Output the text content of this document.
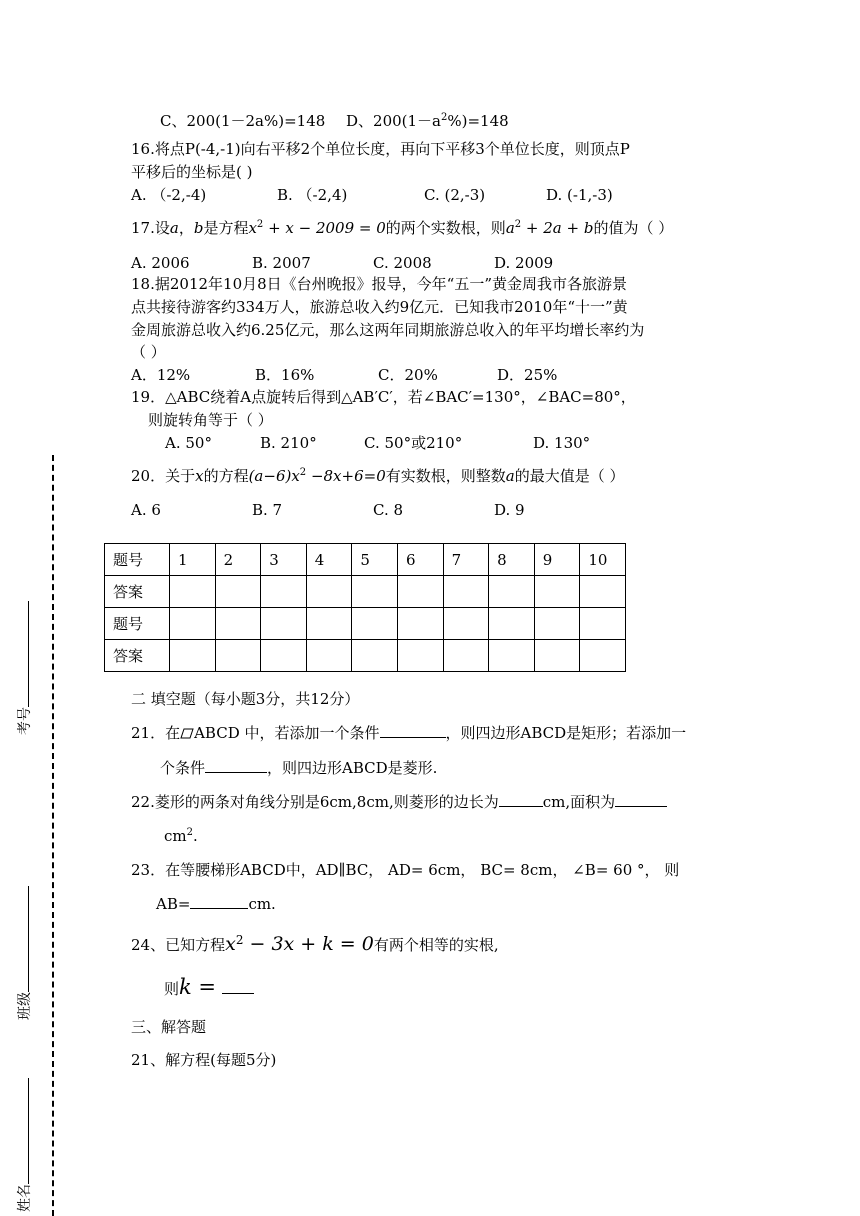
C、200(1－2a%)=148 D、$200(1-a^2\%)=148$
16.将点P(-4,-1)向右平移2个单位长度，再向下平移3个单位长度，则顶点P
平移后的坐标是( )
A. （-2,-4)	B. （-2,4)	C. (2,-3)	D. (-1,-3)
17.设a，b是方程$x^2 + x - 2009 = 0$的两个实数根，则$a^2 + 2a + b$的值为（ ）
A. 2006	B. 2007	C. 2008	D. 2009
18.据2012年10月8日《台州晚报》报导，今年“五一”黄金周我市各旅游景
点共接待游客约334万人，旅游总收入约9亿元．已知我市2010年“十一”黄
金周旅游总收入约6.25亿元，那么这两年同期旅游总收入的年平均增长率约为
（ ）
A．12%	B．16%	C．20%	D．25%
19．△ABC绕着A点旋转后得到△AB′C′，若∠BAC′=130°，∠BAC=80°，
则旋转角等于（ ）
A. 50°	B. 210°	C. 50°或210°	D. 130°
20．关于x的方程$(a-6)x^2 -8x+6=0$有实数根，则整数a的最大值是（ ）
A. 6	B. 7	C. 8	D. 9
题号	1	2	3	4	5	6	7	8	9	10
答案										
题号										
答案										
二 填空题（每小题3分，共12分）
21．在 ABCD 中，若添加一个条件	，则四边形ABCD是矩形；若添加一
个条件	，则四边形ABCD是菱形.
22.菱形的两条对角线分别是6cm,8cm,则菱形的边长为	cm,面积为
$cm^2$.
23．在等腰梯形ABCD中，AD∥BC， AD= 6cm， BC= 8cm， ∠B= 60 °， 则
AB=	cm.
24、已知方程$x^2 - 3x + k = 0$有两个相等的实根,
则k =
三、解答题
21、解方程(每题5分)
考号
班级
姓名
